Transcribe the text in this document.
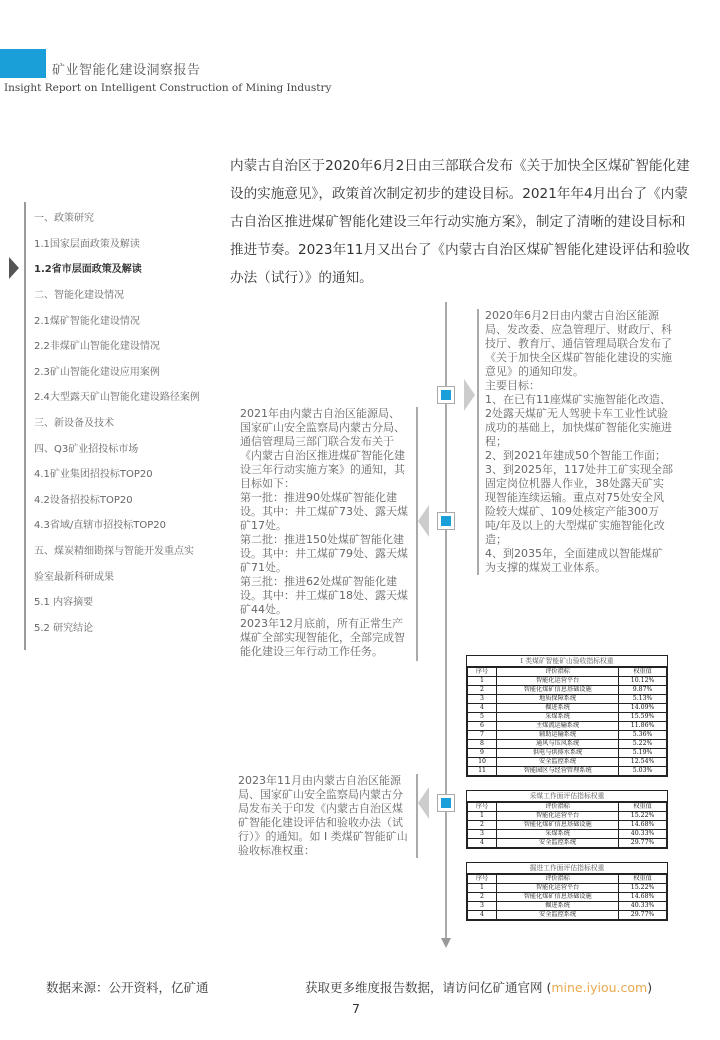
矿业智能化建设洞察报告
Insight Report on Intelligent Construction of Mining Industry
内蒙古自治区于2020年6月2日由三部联合发布《关于加快全区煤矿智能化建设的实施意见》，政策首次制定初步的建设目标。2021年年4月出台了《内蒙古自治区推进煤矿智能化建设三年行动实施方案》，制定了清晰的建设目标和推进节奏。2023年11月又出台了《内蒙古自治区煤矿智能化建设评估和验收办法（试行）》的通知。
一、政策研究
1.1国家层面政策及解读
1.2省市层面政策及解读
二、智能化建设情况
2.1煤矿智能化建设情况
2.2非煤矿山智能化建设情况
2.3矿山智能化建设应用案例
2.4大型露天矿山智能化建设路径案例
三、新设备及技术
四、Q3矿业招投标市场
4.1矿业集团招投标TOP20
4.2设备招投标TOP20
4.3省域/直辖市招投标TOP20
五、煤炭精细勘探与智能开发重点实
验室最新科研成果
5.1 内容摘要
5.2 研究结论
2020年6月2日由内蒙古自治区能源局、发改委、应急管理厅、财政厅、科技厅、教育厅、通信管理局联合发布了《关于加快全区煤矿智能化建设的实施意见》的通知印发。
主要目标：
1、在已有11座煤矿实施智能化改造、2处露天煤矿无人驾驶卡车工业性试验成功的基础上，加快煤矿智能化实施进程；
2、到2021年建成50个智能工作面；
3、到2025年，117处井工矿实现全部固定岗位机器人作业，38处露天矿实现智能连续运输。重点对75处安全风险较大煤矿、109处核定产能300万吨/年及以上的大型煤矿实施智能化改造；
4、到2035年，全面建成以智能煤矿为支撑的煤炭工业体系。
2021年由内蒙古自治区能源局、国家矿山安全监察局内蒙古分局、通信管理局三部门联合发布关于《内蒙古自治区推进煤矿智能化建设三年行动实施方案》的通知，其目标如下：
第一批：推进90处煤矿智能化建设。其中：井工煤矿73处、露天煤矿17处。
第二批：推进150处煤矿智能化建设。其中：井工煤矿79处、露天煤矿71处。
第三批：推进62处煤矿智能化建设。其中：井工煤矿18处、露天煤矿44处。
2023年12月底前，所有正常生产煤矿全部实现智能化，全部完成智能化建设三年行动工作任务。
2023年11月由内蒙古自治区能源局、国家矿山安全监察局内蒙古分局发布关于印发《内蒙古自治区煤矿智能化建设评估和验收办法（试行）》的通知。如 I 类煤矿智能矿山验收标准权重：
I 类煤矿智能矿山验收指标权重
序号	评价指标	权重值
1	智能化运营平台	10.12%
2	智能化煤矿信息基础设施	9.87%
3	地质保障系统	5.13%
4	掘进系统	14.09%
5	采煤系统	15.59%
6	主煤流运输系统	11.86%
7	辅助运输系统	5.36%
8	通风与压风系统	5.22%
9	供电与供排水系统	5.19%
10	安全监控系统	12.54%
11	智能园区与经营管理系统	5.03%
采煤工作面评估指标权重
序号	评价指标	权重值
1	智能化运营平台	15.22%
2	智能化煤矿信息基础设施	14.68%
3	采煤系统	40.33%
4	安全监控系统	29.77%
掘进工作面评估指标权重
序号	评价指标	权重值
1	智能化运营平台	15.22%
2	智能化煤矿信息基础设施	14.68%
3	掘进系统	40.33%
4	安全监控系统	29.77%
数据来源：公开资料，亿矿通	获取更多维度报告数据，请访问亿矿通官网 (mine.iyiou.com)
7
